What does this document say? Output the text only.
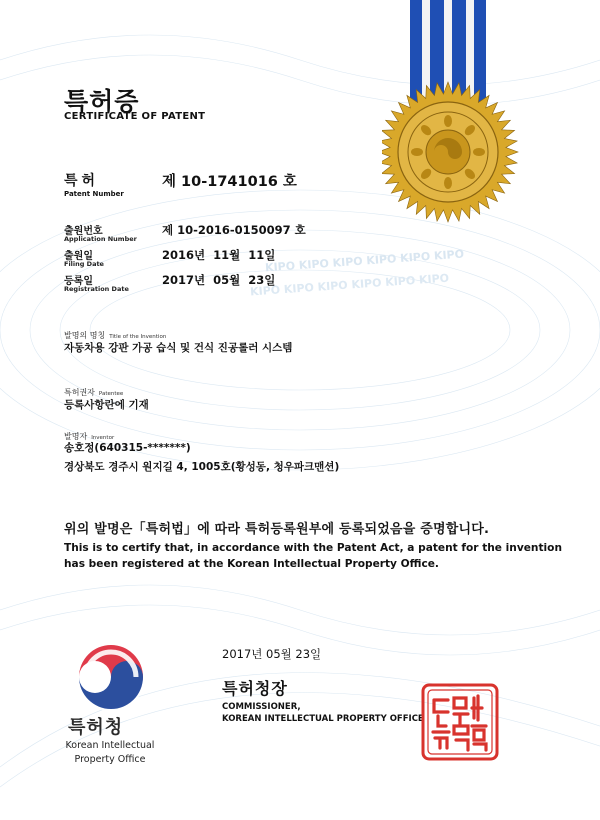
KIPO KIPO KIPO KIPO KIPO KIPO
KIPO KIPO KIPO KIPO KIPO KIPO
특허증
CERTIFICATE OF PATENT
특허
Patent Number
제 10-1741016 호
출원번호
Application Number
제 10-2016-0150097 호
출원일
Filing Date
2016년  11월  11일
등록일
Registration Date
2017년  05월  23일
발명의 명칭 Title of the Invention
자동차용 강판 가공 습식 및 건식 진공롤러 시스템
특허권자 Patentee
등록사항란에 기재
발명자 Inventor
송호정(640315-*******)
경상북도 경주시 원지길 4, 1005호(황성동, 청우파크맨션)
위의 발명은「특허법」에 따라 특허등록원부에 등록되었음을 증명합니다.
This is to certify that, in accordance with the Patent Act, a patent for the invention
has been registered at the Korean Intellectual Property Office.
2017년 05월 23일
특허청장
COMMISSIONER,
KOREAN INTELLECTUAL PROPERTY OFFICE
특허청
Korean Intellectual
Property Office
